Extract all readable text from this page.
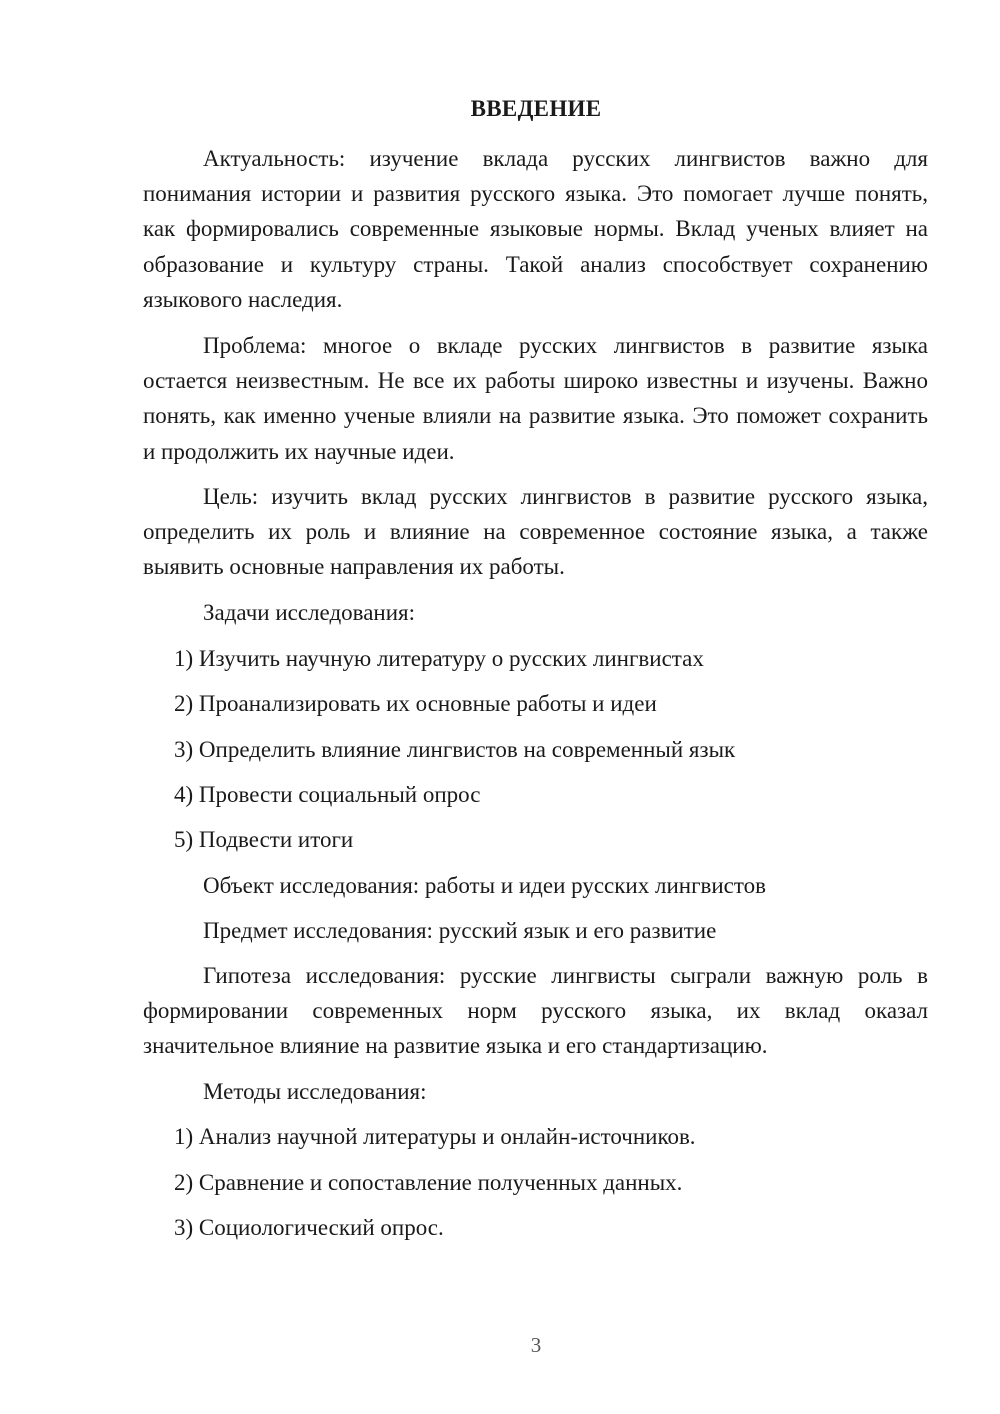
ВВЕДЕНИЕ

Актуальность: изучение вклада русских лингвистов важно для понимания истории и развития русского языка. Это помогает лучше понять, как формировались современные языковые нормы. Вклад ученых влияет на образование и культуру страны. Такой анализ способствует сохранению языкового наследия.

Проблема: многое о вкладе русских лингвистов в развитие языка остается неизвестным. Не все их работы широко известны и изучены. Важно понять, как именно ученые влияли на развитие языка. Это поможет сохранить и продолжить их научные идеи.

Цель: изучить вклад русских лингвистов в развитие русского языка, определить их роль и влияние на современное состояние языка, а также выявить основные направления их работы.

Задачи исследования:

1) Изучить научную литературу о русских лингвистах

2) Проанализировать их основные работы и идеи

3) Определить влияние лингвистов на современный язык

4) Провести социальный опрос

5) Подвести итоги

Объект исследования: работы и идеи русских лингвистов

Предмет исследования: русский язык и его развитие

Гипотеза исследования: русские лингвисты сыграли важную роль в формировании современных норм русского языка, их вклад оказал значительное влияние на развитие языка и его стандартизацию.

Методы исследования:

1) Анализ научной литературы и онлайн-источников.

2) Сравнение и сопоставление полученных данных.

3) Социологический опрос.

3
